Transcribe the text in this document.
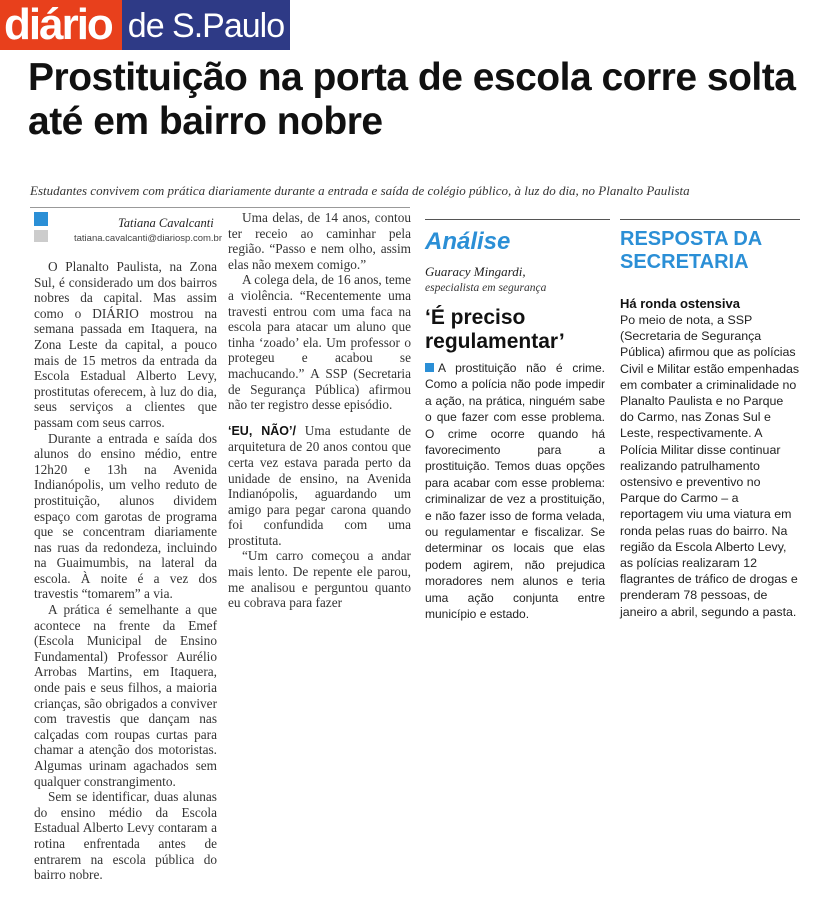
diário de S.Paulo
Prostituição na porta de escola corre solta até em bairro nobre

Estudantes convivem com prática diariamente durante a entrada e saída de colégio público, à luz do dia, no Planalto Paulista

Tatiana Cavalcanti
tatiana.cavalcanti@diariosp.com.br

O Planalto Paulista, na Zona Sul, é considerado um dos bairros nobres da capital. Mas assim como o DIÁRIO mostrou na semana passada em Itaquera, na Zona Leste da capital, a pouco mais de 15 metros da entrada da Escola Estadual Alberto Levy, prostitutas oferecem, à luz do dia, seus serviços a clientes que passam com seus carros.

Durante a entrada e saída dos alunos do ensino médio, entre 12h20 e 13h na Avenida Indianópolis, um velho reduto de prostituição, alunos dividem espaço com garotas de programa que se concentram diariamente nas ruas da redondeza, incluindo na Guaimumbis, na lateral da escola. À noite é a vez dos travestis “tomarem” a via.

A prática é semelhante a que acontece na frente da Emef (Escola Municipal de Ensino Fundamental) Professor Aurélio Arrobas Martins, em Itaquera, onde pais e seus filhos, a maioria crianças, são obrigados a conviver com travestis que dançam nas calçadas com roupas curtas para chamar a atenção dos motoristas. Algumas urinam agachados sem qualquer constrangimento.

Sem se identificar, duas alunas do ensino médio da Escola Estadual Alberto Levy contaram a rotina enfrentada antes de entrarem na escola pública do bairro nobre.

Uma delas, de 14 anos, contou ter receio ao caminhar pela região. “Passo e nem olho, assim elas não mexem comigo.”

A colega dela, de 16 anos, teme a violência. “Recentemente uma travesti entrou com uma faca na escola para atacar um aluno que tinha ‘zoado’ ela. Um professor o protegeu e acabou se machucando.” A SSP (Secretaria de Segurança Pública) afirmou não ter registro desse episódio.

‘EU, NÃO’/ Uma estudante de arquitetura de 20 anos contou que certa vez estava parada perto da unidade de ensino, na Avenida Indianópolis, aguardando um amigo para pegar carona quando foi confundida com uma prostituta.

“Um carro começou a andar mais lento. De repente ele parou, me analisou e perguntou quanto eu cobrava para fazer

Análise
Guaracy Mingardi,
especialista em segurança
‘É preciso regulamentar’

A prostituição não é crime. Como a polícia não pode impedir a ação, na prática, ninguém sabe o que fazer com esse problema. O crime ocorre quando há favorecimento para a prostituição. Temos duas opções para acabar com esse problema: criminalizar de vez a prostituição, e não fazer isso de forma velada, ou regulamentar e fiscalizar. Se determinar os locais que elas podem agirem, não prejudica moradores nem alunos e teria uma ação conjunta entre município e estado.

RESPOSTA DA SECRETARIA
Há ronda ostensiva

Po meio de nota, a SSP (Secretaria de Segurança Pública) afirmou que as polícias Civil e Militar estão empenhadas em combater a criminalidade no Planalto Paulista e no Parque do Carmo, nas Zonas Sul e Leste, respectivamente. A Polícia Militar disse continuar realizando patrulhamento ostensivo e preventivo no Parque do Carmo – a reportagem viu uma viatura em ronda pelas ruas do bairro. Na região da Escola Alberto Levy, as polícias realizaram 12 flagrantes de tráfico de drogas e prenderam 78 pessoas, de janeiro a abril, segundo a pasta.
